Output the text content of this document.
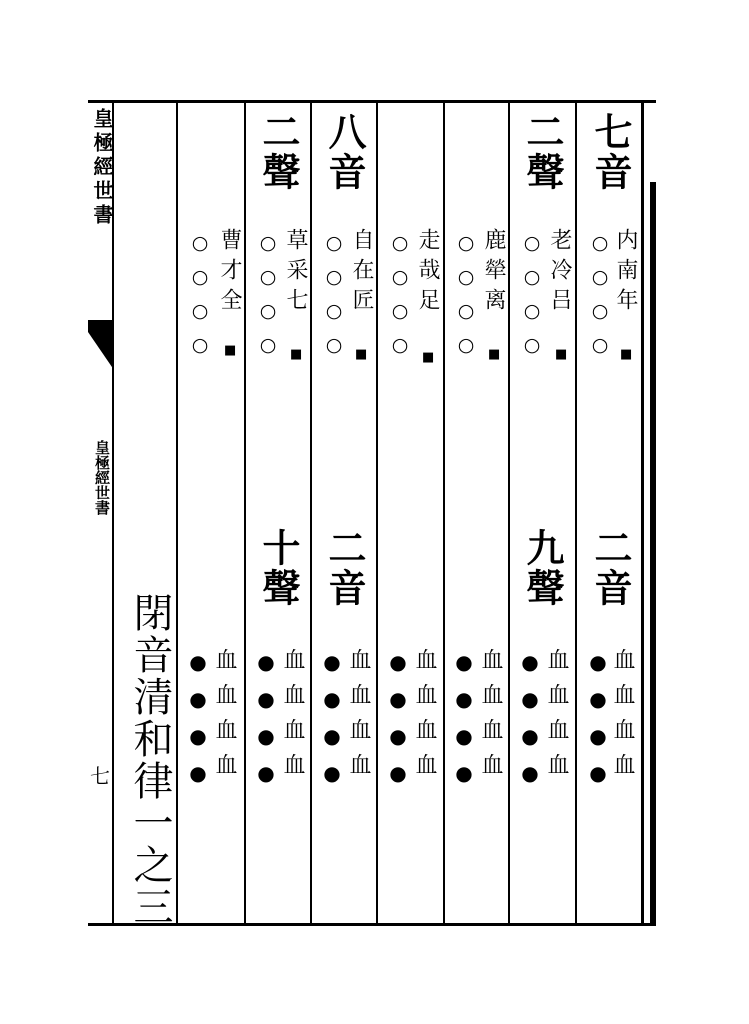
皇極經世書
皇極經世書
七 閉音清和律一之三
七音
内南年
○○○○ ■
二音
●●●● 血血血血
二聲
老冷吕
○○○○ ■
九聲
●●●● 血血血血
鹿犖离
○○○○ ■
●●●● 血血血血
走哉足
○○○○ ■
●●●● 血血血血
八音
自在匠
○○○○ ■
二音
●●●● 血血血血
二聲
草采七
○○○○ ■
十聲
●●●● 血血血血
曹才全
○○○○ ■
●●●● 血血血血
